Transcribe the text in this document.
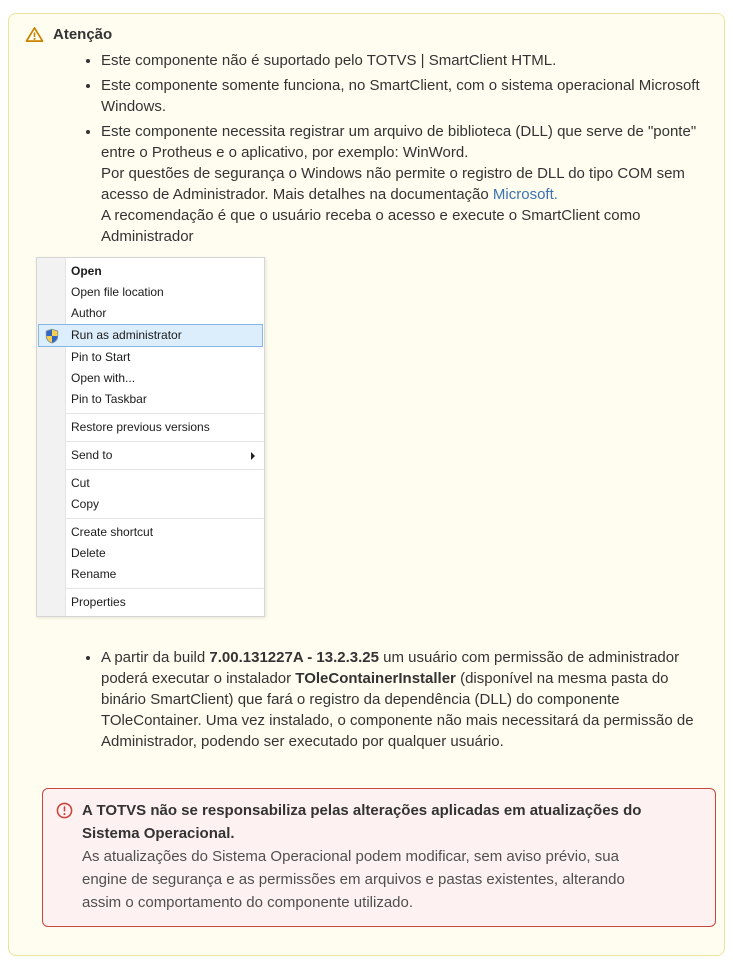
Atenção
• Este componente não é suportado pelo TOTVS | SmartClient HTML.
• Este componente somente funciona, no SmartClient, com o sistema operacional Microsoft Windows.
• Este componente necessita registrar um arquivo de biblioteca (DLL) que serve de "ponte" entre o Protheus e o aplicativo, por exemplo: WinWord.
Por questões de segurança o Windows não permite o registro de DLL do tipo COM sem acesso de Administrador. Mais detalhes na documentação Microsoft.
A recomendação é que o usuário receba o acesso e execute o SmartClient como Administrador
Open
Open file location
Author
Run as administrator
Pin to Start
Open with...
Pin to Taskbar
Restore previous versions
Send to
Cut
Copy
Create shortcut
Delete
Rename
Properties
• A partir da build 7.00.131227A - 13.2.3.25 um usuário com permissão de administrador poderá executar o instalador TOleContainerInstaller (disponível na mesma pasta do binário SmartClient) que fará o registro da dependência (DLL) do componente TOleContainer. Uma vez instalado, o componente não mais necessitará da permissão de Administrador, podendo ser executado por qualquer usuário.
A TOTVS não se responsabiliza pelas alterações aplicadas em atualizações do Sistema Operacional.
As atualizações do Sistema Operacional podem modificar, sem aviso prévio, sua engine de segurança e as permissões em arquivos e pastas existentes, alterando assim o comportamento do componente utilizado.
